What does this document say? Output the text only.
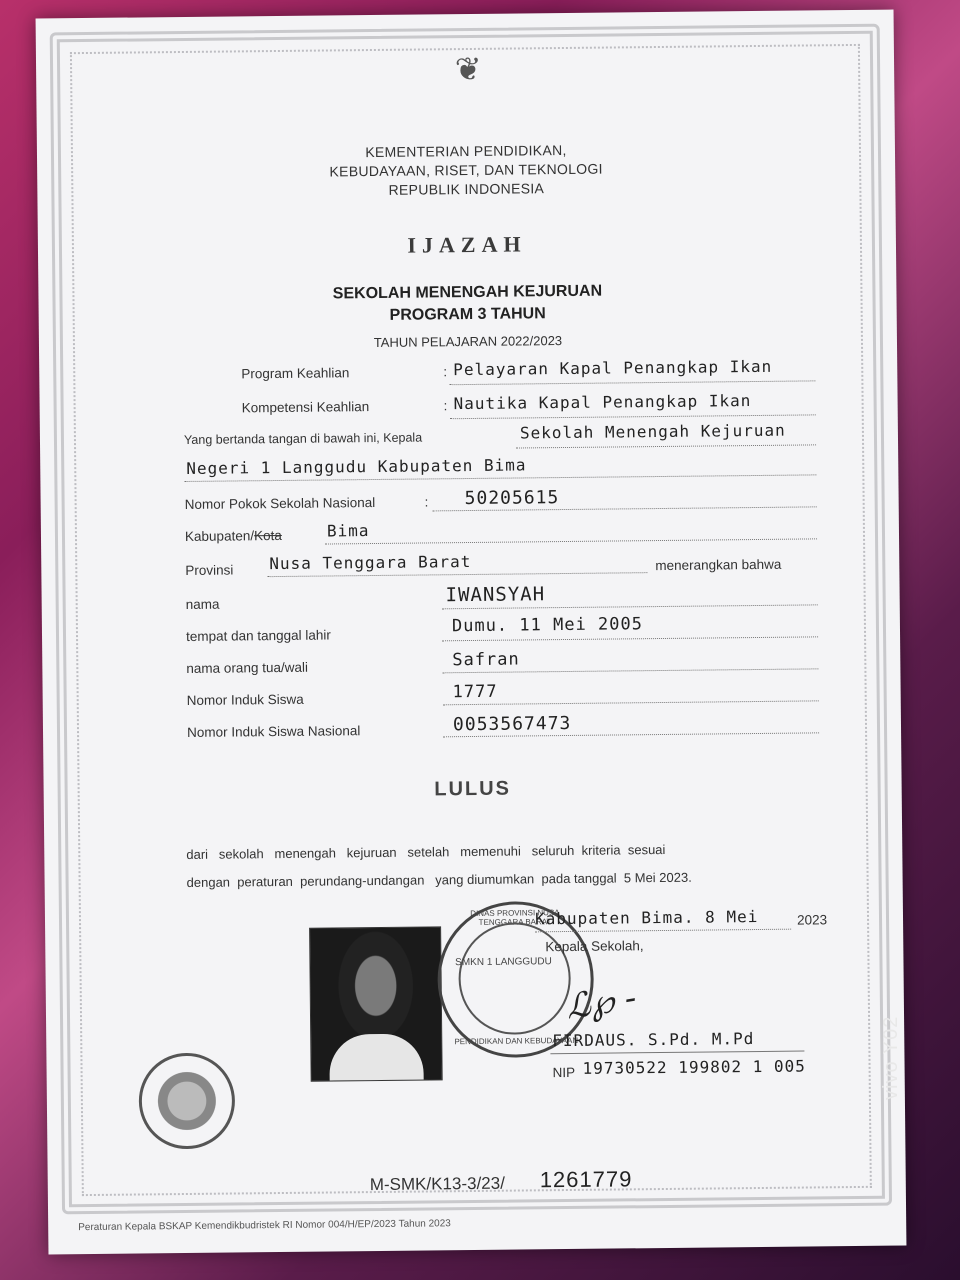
❦
KEMENTERIAN PENDIDIKAN,
KEBUDAYAAN, RISET, DAN TEKNOLOGI
REPUBLIK INDONESIA
IJAZAH
SEKOLAH MENENGAH KEJURUAN
PROGRAM 3 TAHUN
TAHUN PELAJARAN 2022/2023
Program Keahlian	: Pelayaran Kapal Penangkap Ikan
Kompetensi Keahlian	: Nautika Kapal Penangkap Ikan
Yang bertanda tangan di bawah ini, Kepala	Sekolah Menengah Kejuruan
Negeri 1 Langgudu Kabupaten Bima
Nomor Pokok Sekolah Nasional	: 50205615
Kabupaten/Kota	Bima
Provinsi Nusa Tenggara Barat	menerangkan bahwa
nama	IWANSYAH
tempat dan tanggal lahir	Dumu. 11 Mei 2005
nama orang tua/wali	Safran
Nomor Induk Siswa	1777
Nomor Induk Siswa Nasional	0053567473
LULUS
dari   sekolah   menengah   kejuruan   setelah   memenuhi   seluruh  kriteria  sesuai
dengan  peraturan  perundang-undangan   yang diumumkan  pada tanggal  5 Mei 2023.
DINAS PROVINSI NUSA TENGGARA BARAT
SMKN 1 LANGGUDU
PENDIDIKAN DAN KEBUDAYAAN
Kabupaten Bima. 8 Mei	2023
Kepala Sekolah,
ℒ℘ -
FIRDAUS. S.Pd. M.Pd
NIP 19730522 199802 1 005
M-SMK/K13-3/23/ 1261779
Peraturan Kepala BSKAP Kemendikbudristek RI Nomor 004/H/EP/2023 Tahun 2023
vivo Y02
